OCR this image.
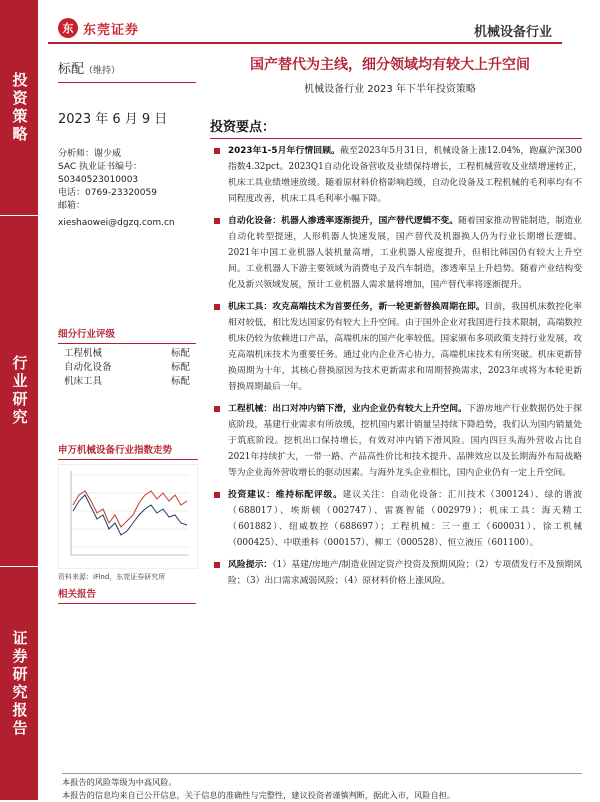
投资策略
行业研究
证券研究报告
东 东莞证券	机械设备行业
标配（维持）
2023 年 6 月 9 日
国产替代为主线，细分领域均有较大上升空间
机械设备行业 2023 年下半年投资策略
分析师：谢少威
SAC 执业证书编号：
S0340523010003
电话：0769-23320059
邮箱：
xieshaowei@dgzq.com.cn
细分行业评级
工程机械	标配
自动化设备	标配
机床工具	标配
申万机械设备行业指数走势
资料来源：iFind，东莞证券研究所
相关报告
投资要点：
2023年1-5月年行情回顾。截至2023年5月31日，机械设备上涨12.04%，跑赢沪深300指数4.32pct。2023Q1自动化设备营收及业绩保持增长，工程机械营收及业绩增速转正，机床工具业绩增速放缓。随着原材料价格影响趋缓，自动化设备及工程机械的毛利率均有不同程度改善，机床工具毛利率小幅下降。
自动化设备：机器人渗透率逐渐提升，国产替代逻辑不变。随着国家推动智能制造，制造业自动化转型提速，人形机器人快速发展，国产替代及机器换人仍为行业长期增长逻辑。2021年中国工业机器人装机量高增，工业机器人密度提升，但相比韩国仍有较大上升空间。工业机器人下游主要领域为消费电子及汽车制造，渗透率呈上升趋势。随着产业结构变化及新兴领域发展，预计工业机器人需求量将增加，国产替代率将逐渐提升。
机床工具：攻克高端技术为首要任务，新一轮更新替换周期在即。目前，我国机床数控化率相对较低，相比发达国家仍有较大上升空间。由于国外企业对我国进行技术限制，高端数控机床仍较为依赖进口产品，高端机床的国产化率较低。国家颁布多项政策支持行业发展，攻克高端机床技术为重要任务。通过业内企业齐心协力，高端机床技术有所突破。机床更新替换周期为十年，其核心替换原因为技术更新需求和周期替换需求，2023年或将为本轮更新替换周期最后一年。
工程机械：出口对冲内销下滑，业内企业仍有较大上升空间。下游房地产行业数据仍处于探底阶段，基建行业需求有所放缓，挖机国内累计销量呈持续下降趋势，我们认为国内销量处于筑底阶段。挖机出口保持增长，有效对冲内销下滑风险。国内四巨头海外营收占比自2021年持续扩大，一带一路、产品高性价比和技术提升、品牌效应以及长期海外布局战略等为企业海外营收增长的驱动因素。与海外龙头企业相比，国内企业仍有一定上升空间。
投资建议：维持标配评级。建议关注：自动化设备：汇川技术（300124）、绿的谐波（688017）、埃斯顿（002747）、雷赛智能（002979）；机床工具：海天精工（601882）、纽威数控（688697）；工程机械：三一重工（600031）、徐工机械（000425）、中联重科（000157）、柳工（000528）、恒立液压（601100）。
风险提示：（1）基建/房地产/制造业固定资产投资及预期风险；（2）专项债发行不及预期风险；（3）出口需求减弱风险；（4）原材料价格上涨风险。
本报告的风险等级为中高风险。
本报告的信息均来自已公开信息，关于信息的准确性与完整性，建议投资者谨慎判断，据此入市，风险自担。
